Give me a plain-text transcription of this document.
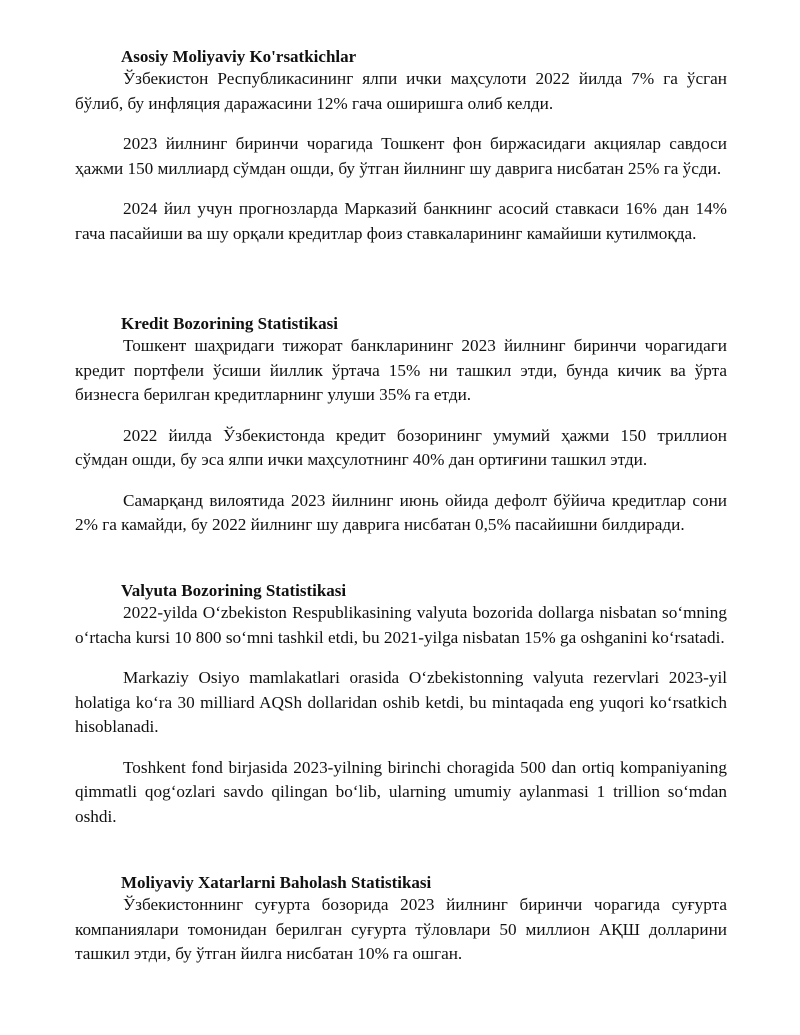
Asosiy Moliyaviy Ko'rsatkichlar

Ўзбекистон Республикасининг ялпи ички маҳсулоти 2022 йилда 7% га ўсган бўлиб, бу инфляция даражасини 12% гача оширишга олиб келди.

2023 йилнинг биринчи чорагида Тошкент фон биржасидаги акциялар савдоси ҳажми 150 миллиард сўмдан ошди, бу ўтган йилнинг шу даврига нисбатан 25% га ўсди.

2024 йил учун прогнозларда Марказий банкнинг асосий ставкаси 16% дан 14% гача пасайиши ва шу орқали кредитлар фоиз ставкаларининг камайиши кутилмоқда.

Kredit Bozorining Statistikasi

Тошкент шаҳридаги тижорат банкларининг 2023 йилнинг биринчи чорагидаги кредит портфели ўсиши йиллик ўртача 15% ни ташкил этди, бунда кичик ва ўрта бизнесга берилган кредитларнинг улуши 35% га етди.

2022 йилда Ўзбекистонда кредит бозорининг умумий ҳажми 150 триллион сўмдан ошди, бу эса ялпи ички маҳсулотнинг 40% дан ортиғини ташкил этди.

Самарқанд вилоятида 2023 йилнинг июнь ойида дефолт бўйича кредитлар сони 2% га камайди, бу 2022 йилнинг шу даврига нисбатан 0,5% пасайишни билдиради.

Valyuta Bozorining Statistikasi

2022-yilda Oʻzbekiston Respublikasining valyuta bozorida dollarga nisbatan soʻmning oʻrtacha kursi 10 800 soʻmni tashkil etdi, bu 2021-yilga nisbatan 15% ga oshganini koʻrsatadi.

Markaziy Osiyo mamlakatlari orasida Oʻzbekistonning valyuta rezervlari 2023-yil holatiga koʻra 30 milliard AQSh dollaridan oshib ketdi, bu mintaqada eng yuqori koʻrsatkich hisoblanadi.

Toshkent fond birjasida 2023-yilning birinchi choragida 500 dan ortiq kompaniyaning qimmatli qogʻozlari savdo qilingan boʻlib, ularning umumiy aylanmasi 1 trillion soʻmdan oshdi.

Moliyaviy Xatarlarni Baholash Statistikasi

Ўзбекистоннинг суғурта бозорида 2023 йилнинг биринчи чорагида суғурта компаниялари томонидан берилган суғурта тўловлари 50 миллион АҚШ долларини ташкил этди, бу ўтган йилга нисбатан 10% га ошган.
